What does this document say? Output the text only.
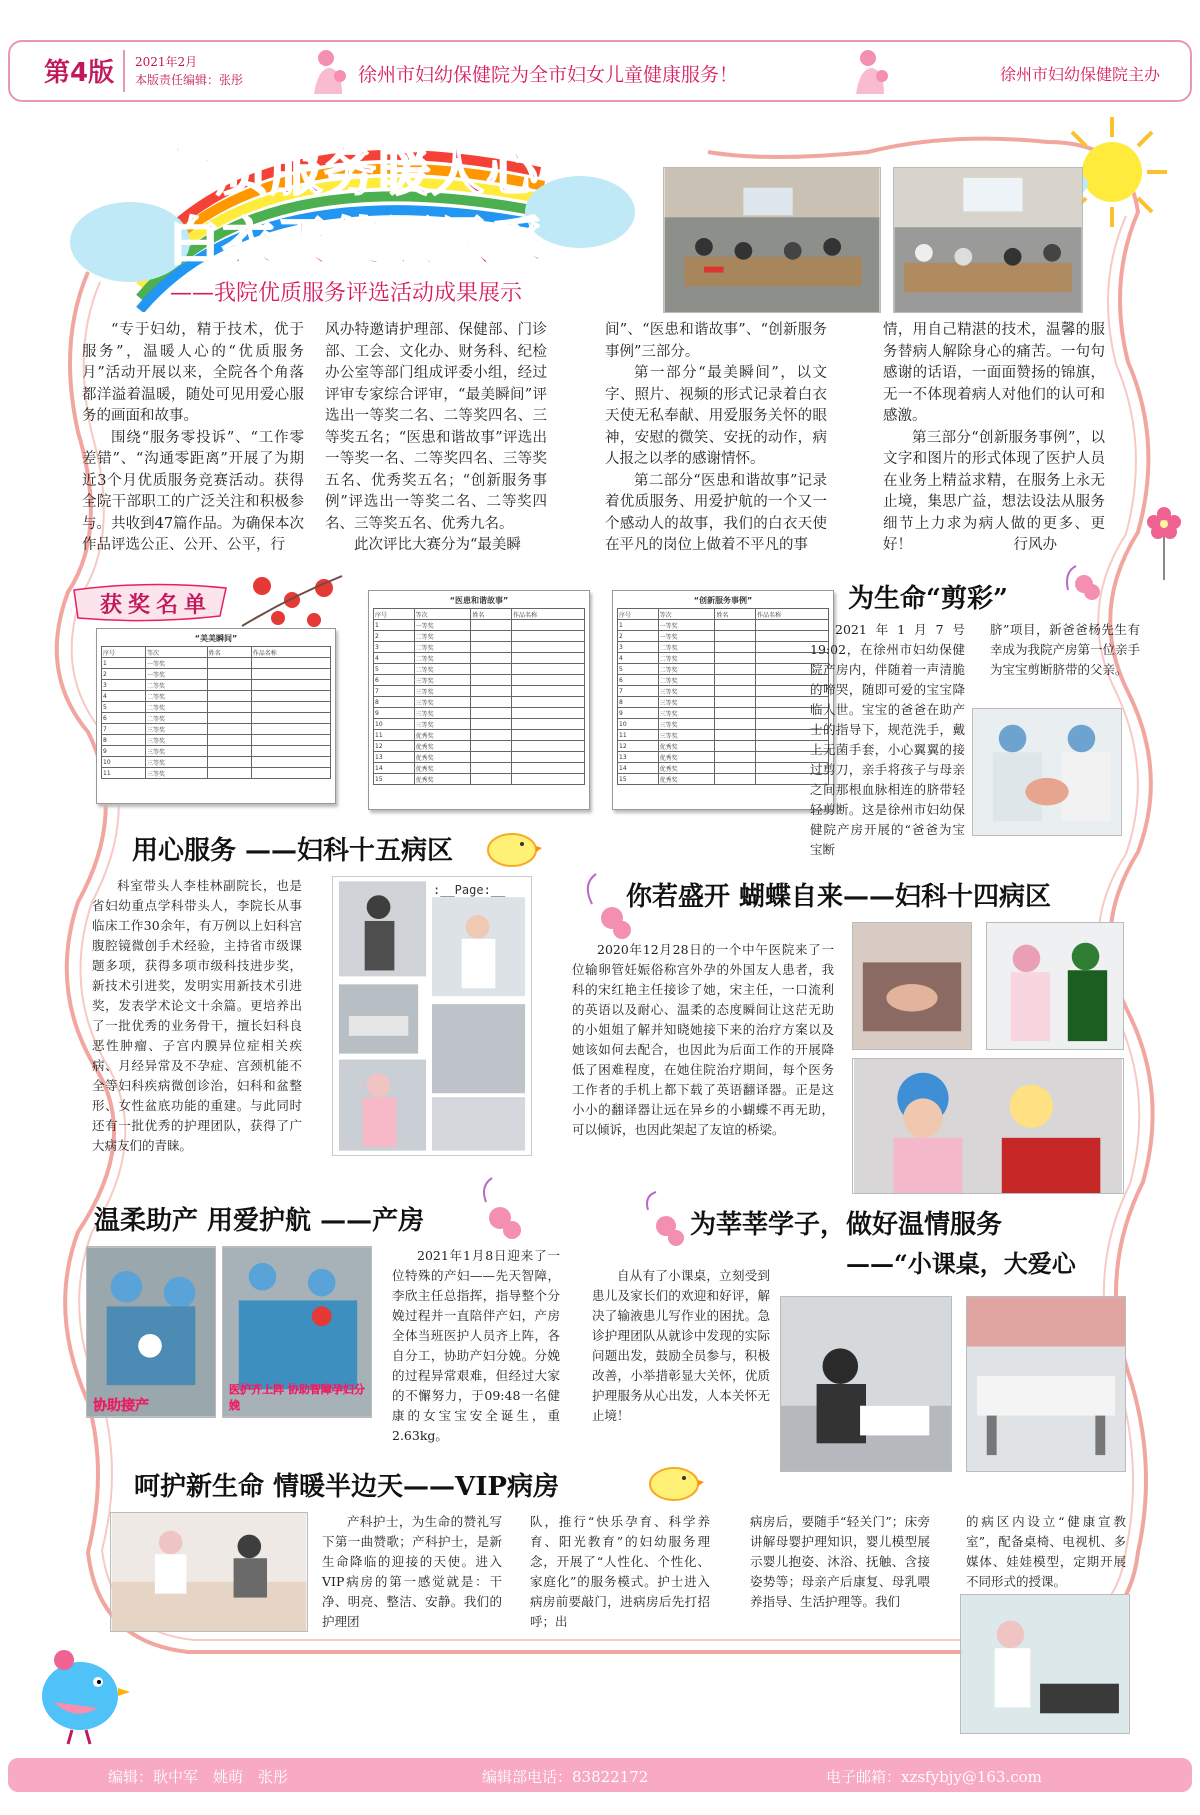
第4版 2021年2月
本版责任编辑：张彤	徐州市妇幼保健院为全市妇女儿童健康服务！	徐州市妇幼保健院主办
优质服务暖人心
白衣天使展风采
——我院优质服务评选活动成果展示

“专于妇幼，精于技术，优于服务”，温暖人心的“优质服务月”活动开展以来，全院各个角落都洋溢着温暖，随处可见用爱心服务的画面和故事。

围绕“服务零投诉”、“工作零差错”、“沟通零距离”开展了为期近3个月优质服务竞赛活动。获得全院干部职工的广泛关注和积极参与。共收到47篇作品。为确保本次作品评选公正、公开、公平，行

风办特邀请护理部、保健部、门诊部、工会、文化办、财务科、纪检办公室等部门组成评委小组，经过评审专家综合评审，“最美瞬间”评选出一等奖二名、二等奖四名、三等奖五名；“医患和谐故事”评选出一等奖一名、二等奖四名、三等奖五名、优秀奖五名；“创新服务事例”评选出一等奖二名、二等奖四名、三等奖五名、优秀九名。

此次评比大赛分为“最美瞬

间”、“医患和谐故事”、“创新服务事例”三部分。

第一部分“最美瞬间”，以文字、照片、视频的形式记录着白衣天使无私奉献、用爱服务关怀的眼神，安慰的微笑、安抚的动作，病人报之以孝的感谢情怀。

第二部分“医患和谐故事”记录着优质服务、用爱护航的一个又一个感动人的故事，我们的白衣天使在平凡的岗位上做着不平凡的事

情，用自己精湛的技术，温馨的服务替病人解除身心的痛苦。一句句感谢的话语，一面面赞扬的锦旗，无一不体现着病人对他们的认可和感激。

第三部分“创新服务事例”，以文字和图片的形式体现了医护人员在业务上精益求精，在服务上永无止境，集思广益，想法设法从服务细节上力求为病人做的更多、更好！　　　　　　　行风办

获奖名单
“美美瞬间”
序号	等次	姓名	作品名称
1	一等奖	　	　
2	一等奖	　	　
3	二等奖	　	　
4	二等奖	　	　
5	二等奖	　	　
6	二等奖	　	　
7	三等奖	　	　
8	三等奖	　	　
9	三等奖	　	　
10	三等奖	　	　
11	三等奖	　	　
“医患和谐故事”
序号	等次	姓名	作品名称
1	一等奖		
2	二等奖		
3	二等奖		
4	二等奖		
5	二等奖		
6	三等奖		
7	三等奖		
8	三等奖		
9	三等奖		
10	三等奖		
11	优秀奖		
12	优秀奖		
13	优秀奖		
14	优秀奖		
15	优秀奖		
“创新服务事例”
序号	等次	姓名	作品名称
1	一等奖		
2	一等奖		
3	二等奖		
4	二等奖		
5	二等奖		
6	二等奖		
7	三等奖		
8	三等奖		
9	三等奖		
10	三等奖		
11	三等奖		
12	优秀奖		
13	优秀奖		
14	优秀奖		
15	优秀奖		
为生命“剪彩”

2021年1月7号19:02，在徐州市妇幼保健院产房内，伴随着一声清脆的啼哭，随即可爱的宝宝降临人世。宝宝的爸爸在助产士的指导下，规范洗手，戴上无菌手套，小心翼翼的接过剪刀，亲手将孩子与母亲之间那根血脉相连的脐带轻轻剪断。这是徐州市妇幼保健院产房开展的“爸爸为宝宝断

脐”项目，新爸爸杨先生有幸成为我院产房第一位亲手为宝宝剪断脐带的父亲。

用心服务 ——妇科十五病区

科室带头人李桂林副院长，也是省妇幼重点学科带头人，李院长从事临床工作30余年，有万例以上妇科宫腹腔镜微创手术经验，主持省市级课题多项，获得多项市级科技进步奖，新技术引进奖，发明实用新技术引进奖，发表学术论文十余篇。更培养出了一批优秀的业务骨干，擅长妇科良恶性肿瘤、子宫内膜异位症相关疾病、月经异常及不孕症、宫颈机能不全等妇科疾病微创诊治，妇科和盆整形、女性盆底功能的重建。与此同时还有一批优秀的护理团队，获得了广大病友们的青睐。

:__Page:__	你若盛开 蝴蝶自来——妇科十四病区

2020年12月28日的一个中午医院来了一位输卵管妊娠俗称宫外孕的外国友人患者，我科的宋红艳主任接诊了她，宋主任，一口流利的英语以及耐心、温柔的态度瞬间让这茫无助的小姐姐了解并知晓她接下来的治疗方案以及她该如何去配合，也因此为后面工作的开展降低了困难程度，在她住院治疗期间，每个医务工作者的手机上都下载了英语翻译器。正是这小小的翻译器让远在异乡的小蝴蝶不再无助，可以倾诉，也因此架起了友谊的桥梁。

温柔助产 用爱护航 ——产房
协助接产
医护齐上阵 协助智障孕妇分娩

2021年1月8日迎来了一位特殊的产妇——先天智障，李欣主任总指挥，指导整个分娩过程并一直陪伴产妇，产房全体当班医护人员齐上阵，各自分工，协助产妇分娩。分娩的过程异常艰难，但经过大家的不懈努力，于09:48一名健康的女宝宝安全诞生，重2.63kg。

为莘莘学子，做好温情服务
——“小课桌，大爱心

自从有了小课桌，立刻受到患儿及家长们的欢迎和好评，解决了输液患儿写作业的困扰。急诊护理团队从就诊中发现的实际问题出发，鼓励全员参与，积极改善，小举措彰显大关怀，优质护理服务从心出发，人本关怀无止境！

呵护新生命 情暖半边天——VIP病房

产科护士，为生命的赞礼写下第一曲赞歌；产科护士，是新生命降临的迎接的天使。进入VIP病房的第一感觉就是：干净、明亮、整洁、安静。我们的护理团

队，推行“快乐孕育、科学养育、阳光教育”的妇幼服务理念，开展了“人性化、个性化、家庭化”的服务模式。护士进入病房前要敲门，进病房后先打招呼；出

病房后，要随手“轻关门”；床旁讲解母婴护理知识，婴儿模型展示婴儿抱姿、沐浴、抚触、含接姿势等；母亲产后康复、母乳喂养指导、生活护理等。我们

的病区内设立“健康宣教室”，配备桌椅、电视机、多媒体、娃娃模型，定期开展不同形式的授课。

编辑：耿中军　姚萌　张彤	编辑部电话：83822172	电子邮箱：xzsfybjy@163.com
